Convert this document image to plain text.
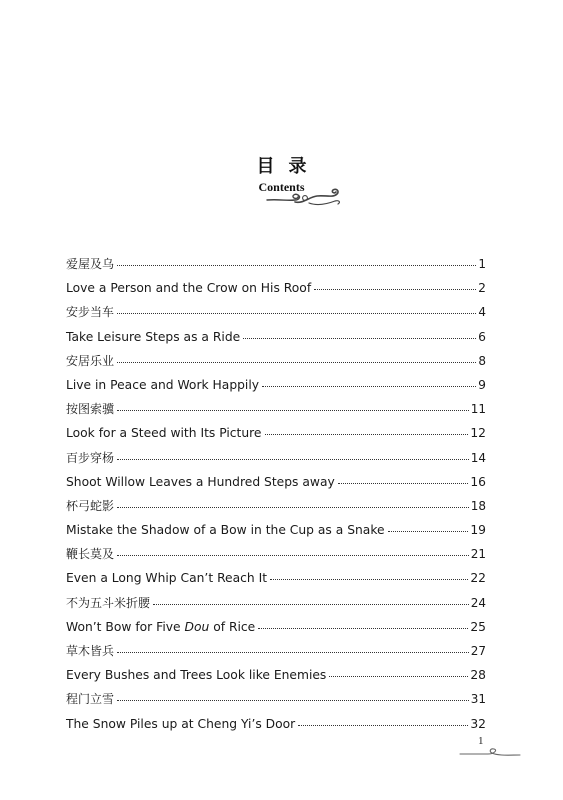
目录
Contents
爱屋及乌	1
Love a Person and the Crow on His Roof	2
安步当车	4
Take Leisure Steps as a Ride	6
安居乐业	8
Live in Peace and Work Happily	9
按图索骥	11
Look for a Steed with Its Picture	12
百步穿杨	14
Shoot Willow Leaves a Hundred Steps away	16
杯弓蛇影	18
Mistake the Shadow of a Bow in the Cup as a Snake	19
鞭长莫及	21
Even a Long Whip Can’t Reach It	22
不为五斗米折腰	24
Won’t Bow for Five Dou of Rice	25
草木皆兵	27
Every Bushes and Trees Look like Enemies	28
程门立雪	31
The Snow Piles up at Cheng Yi’s Door	32
1
